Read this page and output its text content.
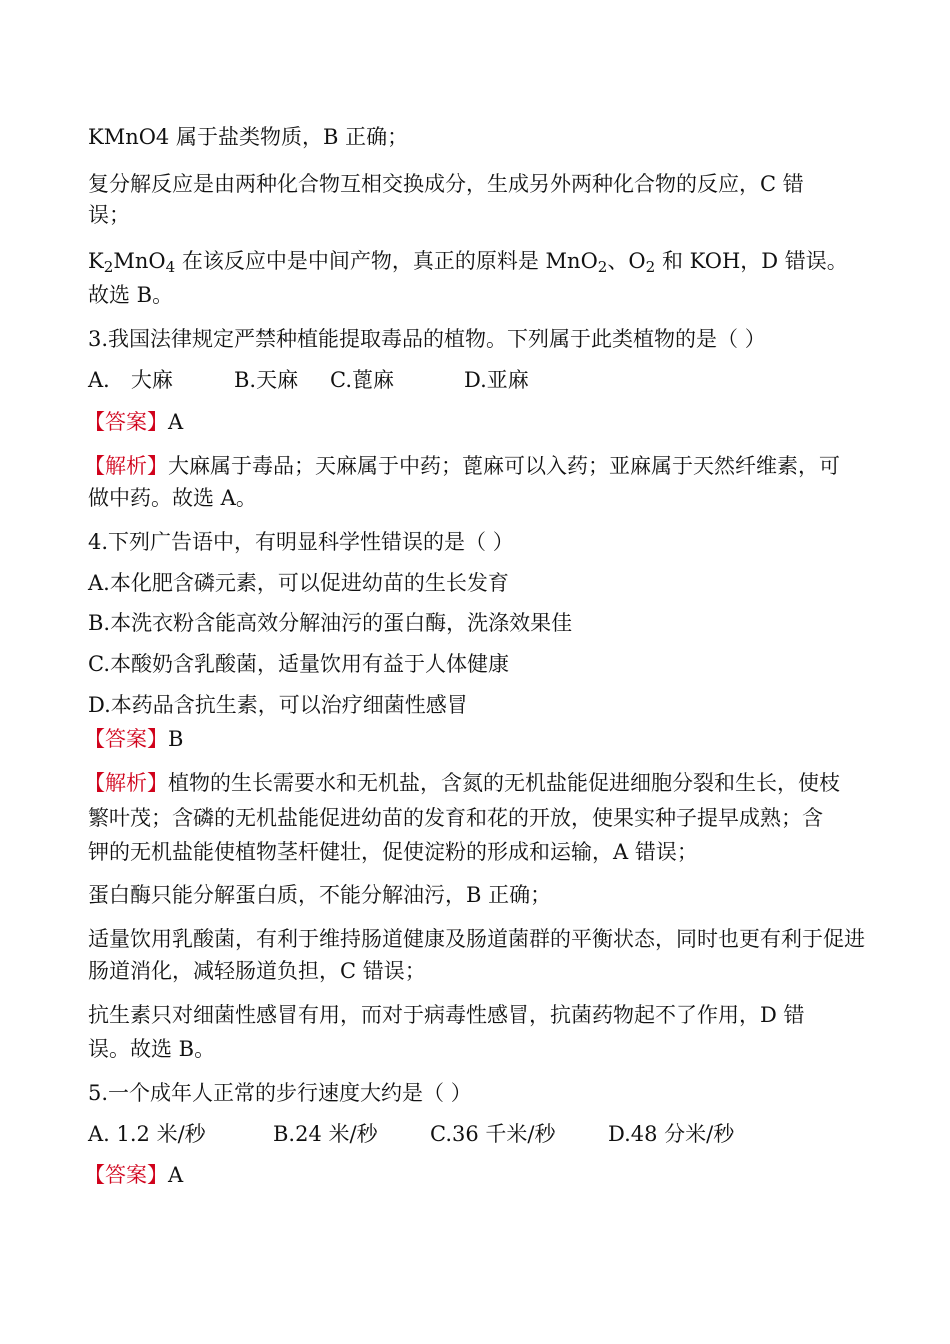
KMnO4 属于盐类物质，B 正确；
复分解反应是由两种化合物互相交换成分，生成另外两种化合物的反应，C 错
误；
$K_2MnO_4$ 在该反应中是中间产物，真正的原料是 MnO$_2$、$O_2$ 和 KOH，D 错误。
故选 B。
3.我国法律规定严禁种植能提取毒品的植物。下列属于此类植物的是（ ）
A． 大麻	B.天麻 C.蓖麻	D.亚麻
【答案】A
【解析】大麻属于毒品；天麻属于中药；蓖麻可以入药；亚麻属于天然纤维素，可
做中药。故选 A。
4.下列广告语中，有明显科学性错误的是（ ）
A.本化肥含磷元素，可以促进幼苗的生长发育
B.本洗衣粉含能高效分解油污的蛋白酶，洗涤效果佳
C.本酸奶含乳酸菌，适量饮用有益于人体健康
D.本药品含抗生素，可以治疗细菌性感冒
【答案】B
【解析】植物的生长需要水和无机盐，含氮的无机盐能促进细胞分裂和生长，使枝
繁叶茂；含磷的无机盐能促进幼苗的发育和花的开放，使果实种子提早成熟；含
钾的无机盐能使植物茎杆健壮，促使淀粉的形成和运输，A 错误；
蛋白酶只能分解蛋白质，不能分解油污，B 正确；
适量饮用乳酸菌，有利于维持肠道健康及肠道菌群的平衡状态，同时也更有利于促进
肠道消化，减轻肠道负担，C 错误；
抗生素只对细菌性感冒有用，而对于病毒性感冒，抗菌药物起不了作用，D 错
误。故选 B。
5.一个成年人正常的步行速度大约是（ ）
A. 1.2 米/秒	B.24 米/秒 C.36 千米/秒	D.48 分米/秒
【答案】A
